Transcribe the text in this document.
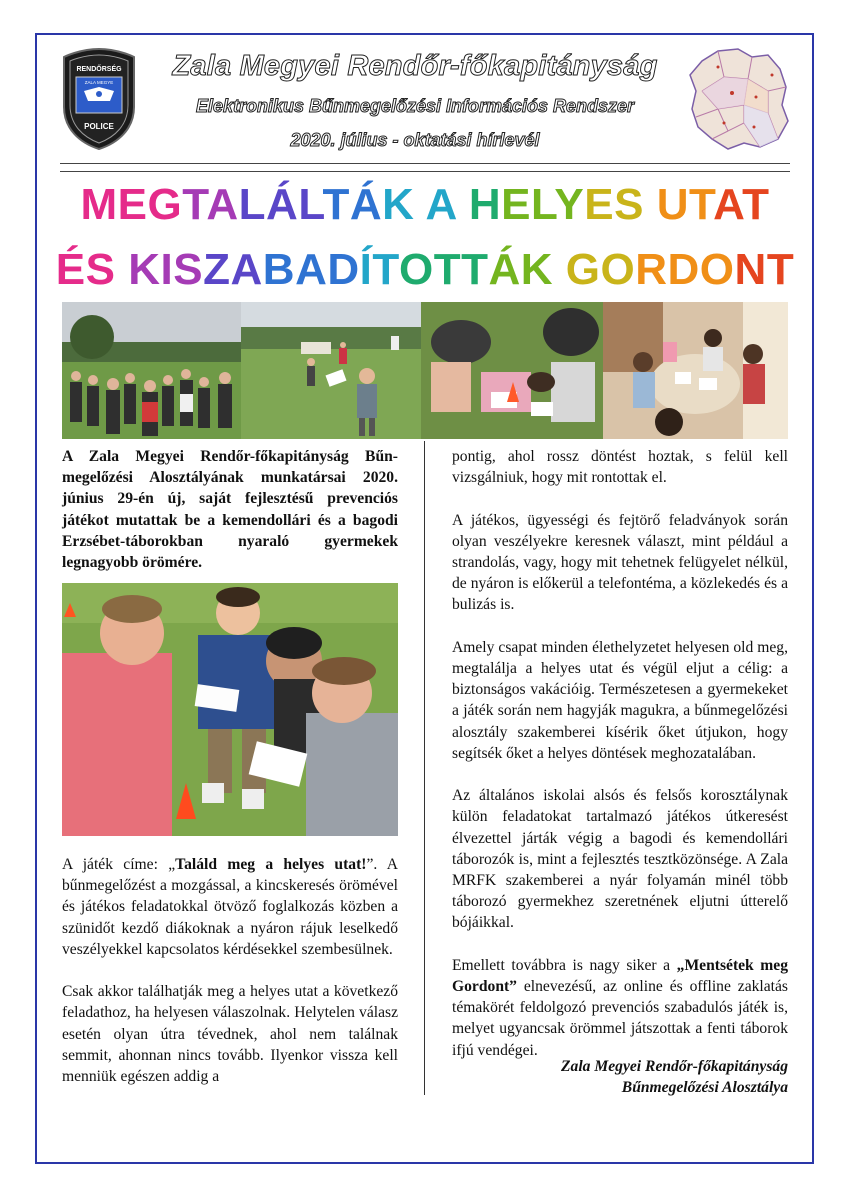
RENDŐRSÉG
ZALA MEGYE
POLICE
Zala Megyei Rendőr-főkapitányság
Elektronikus Bűnmegelőzési Információs Rendszer
2020. július - oktatási hírlevél
MEGTALÁLTÁK A HELYES UTAT
ÉS KISZABADÍTOTTÁK GORDONT
A Zala Megyei Rendőr-főkapitányság Bűnmegelőzési Alosztályának munkatársai 2020. június 29-én új, saját fejlesztésű prevenciós játékot mutattak be a kemendollári és a bagodi Erzsébet-táborokban nyaraló gyermekek legnagyobb örömére.

A játék címe: „Találd meg a helyes utat!”. A bűnmegelőzést a mozgással, a kincskeresés örömével és játékos feladatokkal ötvöző foglalkozás közben a szünidőt kezdő diákoknak a nyáron rájuk leselkedő veszélyekkel kapcsolatos kérdésekkel szembesülnek.

Csak akkor találhatják meg a helyes utat a következő feladathoz, ha helyesen válaszolnak. Helytelen válasz esetén olyan útra tévednek, ahol nem találnak semmit, ahonnan nincs tovább. Ilyenkor vissza kell menniük egészen addig a

pontig, ahol rossz döntést hoztak, s felül kell vizsgálniuk, hogy mit rontottak el.

A játékos, ügyességi és fejtörő feladványok során olyan veszélyekre keresnek választ, mint például a strandolás, vagy, hogy mit tehetnek felügyelet nélkül, de nyáron is előkerül a telefontéma, a közlekedés és a bulizás is.

Amely csapat minden élethelyzetet helyesen old meg, megtalálja a helyes utat és végül eljut a célig: a biztonságos vakációig. Természetesen a gyermekeket a játék során nem hagyják magukra, a bűnmegelőzési alosztály szakemberei kísérik őket útjukon, hogy segítsék őket a helyes döntések meghozatalában.

Az általános iskolai alsós és felsős korosztálynak külön feladatokat tartalmazó játékos útkeresést élvezettel járták végig a bagodi és kemendollári táborozók is, mint a fejlesztés tesztközönsége. A Zala MRFK szakemberei a nyár folyamán minél több táborozó gyermekhez szeretnének eljutni útterelő bójáikkal.

Emellett továbbra is nagy siker a „Mentsétek meg Gordont” elnevezésű, az online és offline zaklatás témakörét feldolgozó prevenciós szabadulós játék is, melyet ugyancsak örömmel játszottak a fenti táborok ifjú vendégei.

Zala Megyei Rendőr-főkapitányság
Bűnmegelőzési Alosztálya
